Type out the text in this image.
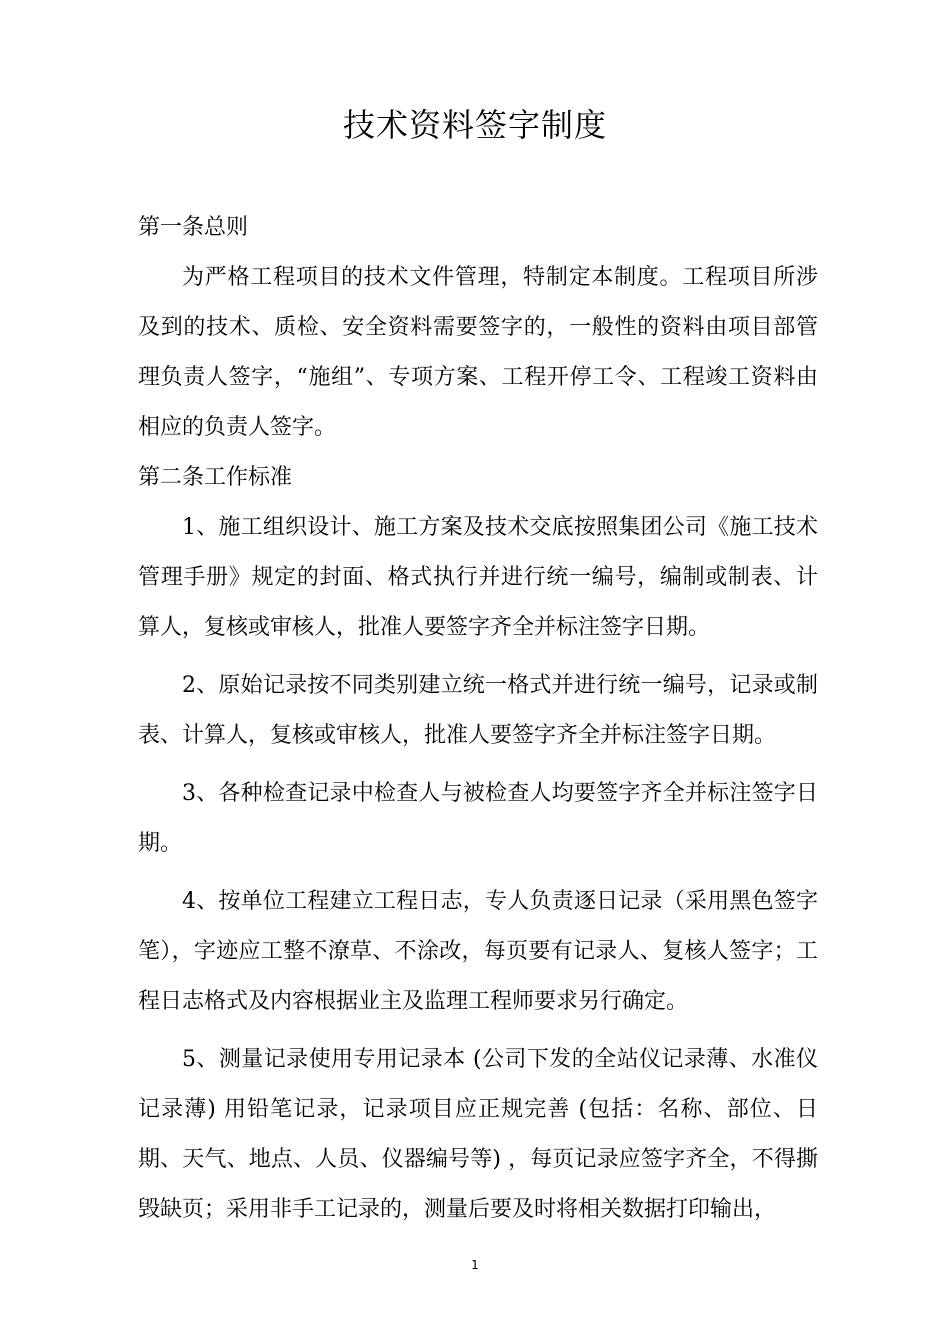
技术资料签字制度

第一条总则

为严格工程项目的技术文件管理，特制定本制度。工程项目所涉及到的技术、质检、安全资料需要签字的，一般性的资料由项目部管理负责人签字，“施组”、专项方案、工程开停工令、工程竣工资料由相应的负责人签字。

第二条工作标准

1、施工组织设计、施工方案及技术交底按照集团公司《施工技术管理手册》规定的封面、格式执行并进行统一编号，编制或制表、计算人，复核或审核人，批准人要签字齐全并标注签字日期。

2、原始记录按不同类别建立统一格式并进行统一编号，记录或制表、计算人，复核或审核人，批准人要签字齐全并标注签字日期。

3、各种检查记录中检查人与被检查人均要签字齐全并标注签字日期。

4、按单位工程建立工程日志，专人负责逐日记录（采用黑色签字笔），字迹应工整不潦草、不涂改，每页要有记录人、复核人签字；工程日志格式及内容根据业主及监理工程师要求另行确定。

5、测量记录使用专用记录本 (公司下发的全站仪记录薄、水准仪记录薄) 用铅笔记录，记录项目应正规完善 (包括：名称、部位、日期、天气、地点、人员、仪器编号等) ，每页记录应签字齐全，不得撕毁缺页；采用非手工记录的，测量后要及时将相关数据打印输出，

1
